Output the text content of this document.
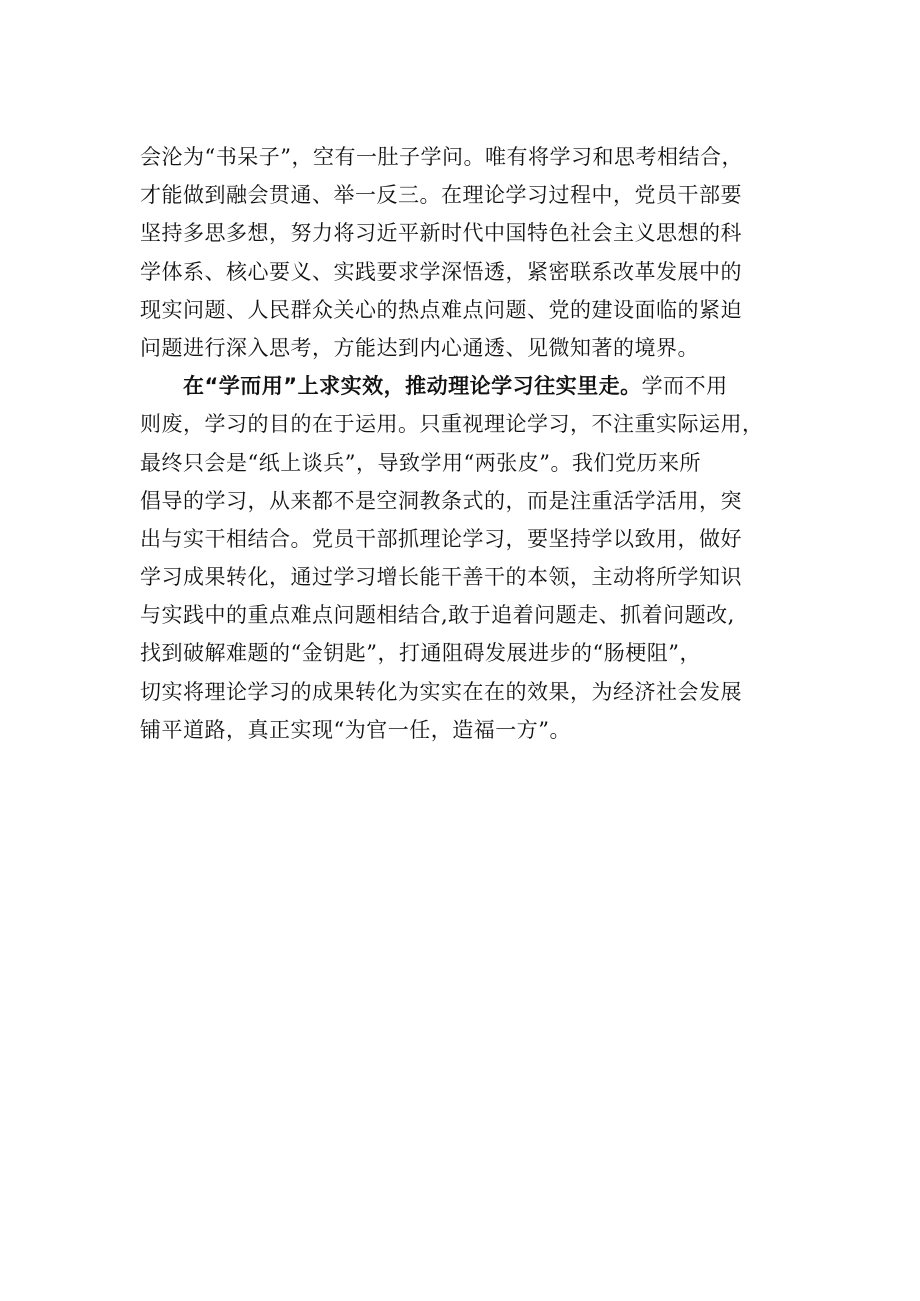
会沦为“书呆子”，空有一肚子学问。唯有将学习和思考相结合，
才能做到融会贯通、举一反三。在理论学习过程中，党员干部要
坚持多思多想，努力将习近平新时代中国特色社会主义思想的科
学体系、核心要义、实践要求学深悟透，紧密联系改革发展中的
现实问题、人民群众关心的热点难点问题、党的建设面临的紧迫
问题进行深入思考，方能达到内心通透、见微知著的境界。
在“学而用”上求实效，推动理论学习往实里走。学而不用
则废，学习的目的在于运用。只重视理论学习，不注重实际运用，
最终只会是“纸上谈兵”，导致学用“两张皮”。我们党历来所
倡导的学习，从来都不是空洞教条式的，而是注重活学活用，突
出与实干相结合。党员干部抓理论学习，要坚持学以致用，做好
学习成果转化，通过学习增长能干善干的本领，主动将所学知识
与实践中的重点难点问题相结合,敢于追着问题走、抓着问题改,
找到破解难题的“金钥匙”，打通阻碍发展进步的“肠梗阻”，
切实将理论学习的成果转化为实实在在的效果，为经济社会发展
铺平道路，真正实现“为官一任，造福一方”。
